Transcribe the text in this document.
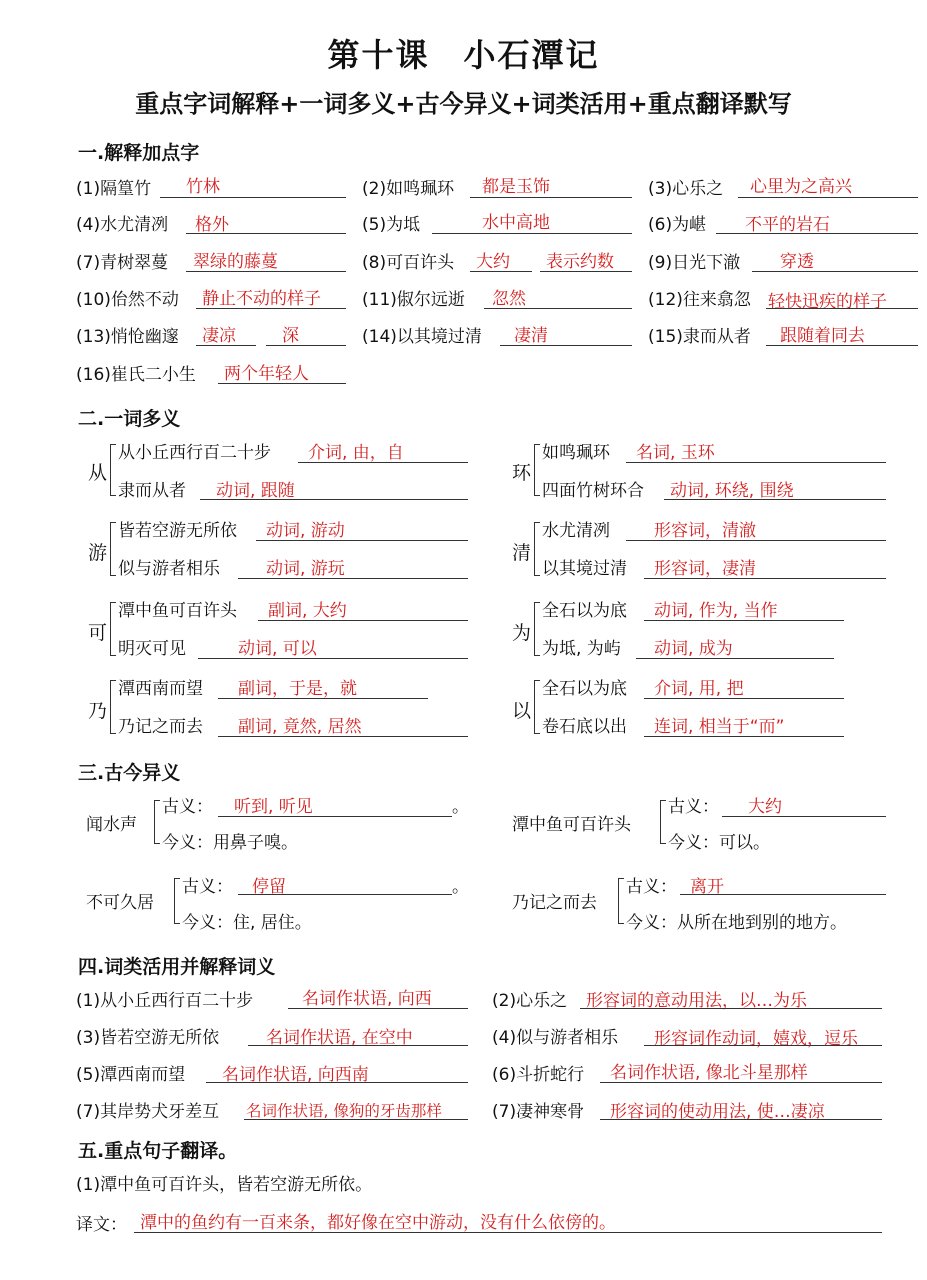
第十课　小石潭记
重点字词解释+一词多义+古今异义+词类活用+重点翻译默写
一.解释加点字
(1)隔篁竹 竹林	(2)如鸣珮环 都是玉饰	(3)心乐之 心里为之高兴
(4)水尤清冽 格外	(5)为坻	水中高地	(6)为嵁 不平的岩石
(7)青树翠蔓 翠绿的藤蔓	(8)可百许头 大约 表示约数 (9)日光下澈 穿透
(10)佁然不动 静止不动的样子 (11)俶尔远逝 忽然	(12)往来翕忽 轻快迅疾的样子
(13)悄怆幽邃 凄凉	深	(14)以其境过清 凄清	(15)隶而从者 跟随着同去
(16)崔氏二小生 两个年轻人
二.一词多义
从
从小丘西行百二十步 介词, 由，自
隶而从者 动词, 跟随
环
如鸣珮环 名词, 玉环
四面竹树环合 动词, 环绕, 围绕
游
皆若空游无所依 动词, 游动
似与游者相乐	动词, 游玩
清
水尤清冽	形容词，清澈
以其境过清 形容词，凄清
可
潭中鱼可百许头 副词, 大约
明灭可见	动词, 可以
为
全石以为底 动词, 作为, 当作
为坻, 为屿 动词, 成为
乃
潭西南而望 副词，于是，就
乃记之而去 副词, 竟然, 居然
以
全石以为底 介词, 用, 把
卷石底以出 连词, 相当于“而”
三.古今异义
闻水声
古义： 听到, 听见	。
今义：用鼻子嗅。
潭中鱼可百许头
古义： 大约
今义：可以。
不可久居
古义： 停留	。
今义：住, 居住。
乃记之而去
古义： 离开
今义：从所在地到别的地方。
四.词类活用并解释词义
(1)从小丘西行百二十步	名词作状语, 向西	(2)心乐之 形容词的意动用法，以…为乐
(3)皆若空游无所依	名词作状语, 在空中	(4)似与游者相乐 形容词作动词，嬉戏，逗乐
(5)潭西南而望 名词作状语, 向西南	(6)斗折蛇行 名词作状语, 像北斗星那样
(7)其岸势犬牙差互 名词作状语, 像狗的牙齿那样	(7)凄神寒骨 形容词的使动用法, 使…凄凉
五.重点句子翻译。
(1)潭中鱼可百许头，皆若空游无所依。
译文： 潭中的鱼约有一百来条，都好像在空中游动，没有什么依傍的。
